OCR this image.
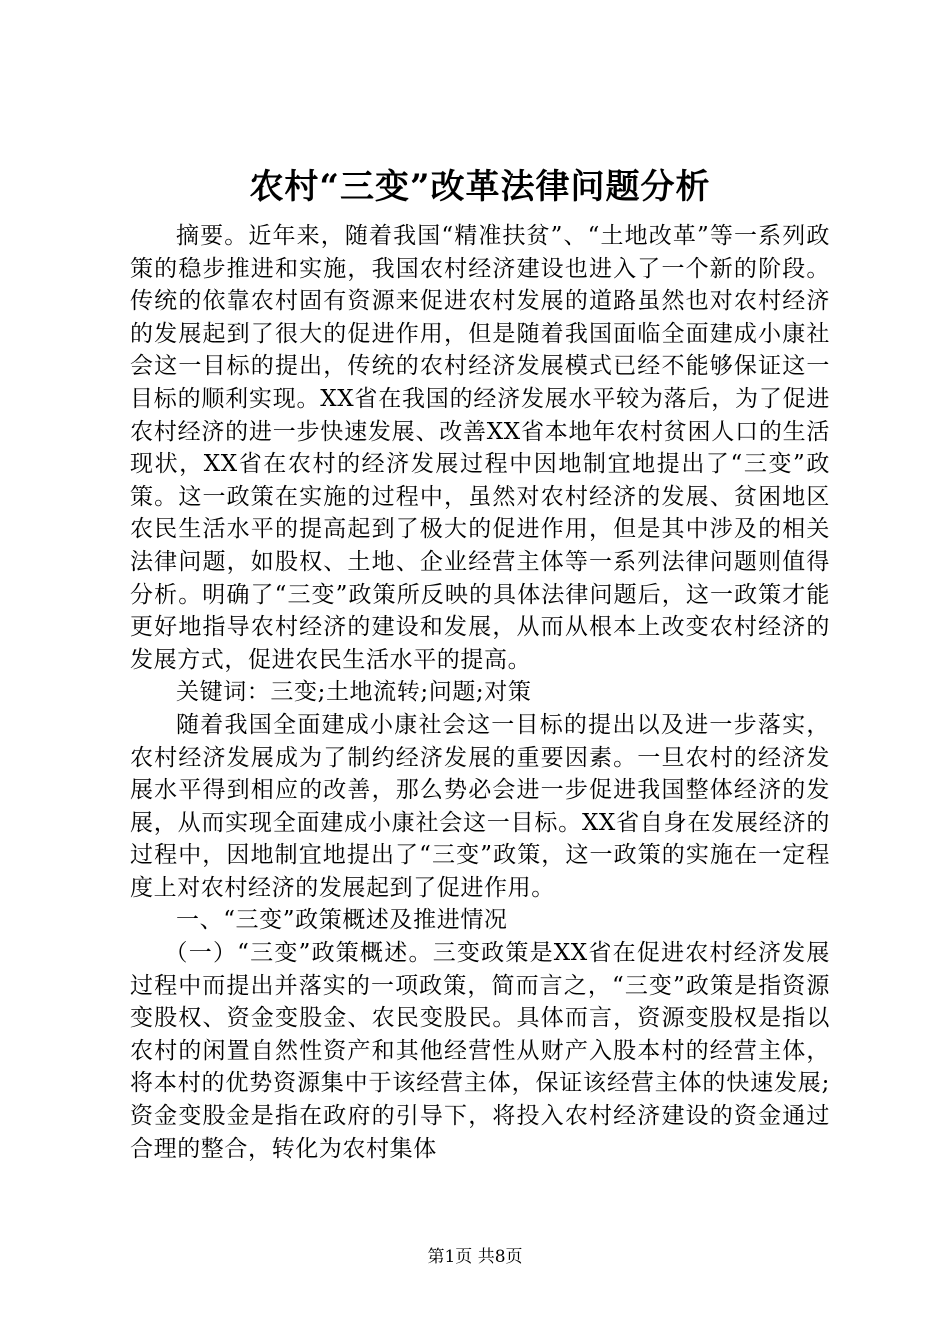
农村“三变”改革法律问题分析

摘要。近年来，随着我国“精准扶贫”、“土地改革”等一系列政策的稳步推进和实施，我国农村经济建设也进入了一个新的阶段。传统的依靠农村固有资源来促进农村发展的道路虽然也对农村经济的发展起到了很大的促进作用，但是随着我国面临全面建成小康社会这一目标的提出，传统的农村经济发展模式已经不能够保证这一目标的顺利实现。XX省在我国的经济发展水平较为落后，为了促进农村经济的进一步快速发展、改善XX省本地年农村贫困人口的生活现状，XX省在农村的经济发展过程中因地制宜地提出了“三变”政策。这一政策在实施的过程中，虽然对农村经济的发展、贫困地区农民生活水平的提高起到了极大的促进作用，但是其中涉及的相关法律问题，如股权、土地、企业经营主体等一系列法律问题则值得分析。明确了“三变”政策所反映的具体法律问题后，这一政策才能更好地指导农村经济的建设和发展，从而从根本上改变农村经济的发展方式，促进农民生活水平的提高。

关键词：三变;土地流转;问题;对策

随着我国全面建成小康社会这一目标的提出以及进一步落实，农村经济发展成为了制约经济发展的重要因素。一旦农村的经济发展水平得到相应的改善，那么势必会进一步促进我国整体经济的发展，从而实现全面建成小康社会这一目标。XX省自身在发展经济的过程中，因地制宜地提出了“三变”政策，这一政策的实施在一定程度上对农村经济的发展起到了促进作用。

一、“三变”政策概述及推进情况

（一）“三变”政策概述。三变政策是XX省在促进农村经济发展过程中而提出并落实的一项政策，简而言之，“三变”政策是指资源变股权、资金变股金、农民变股民。具体而言，资源变股权是指以农村的闲置自然性资产和其他经营性从财产入股本村的经营主体，将本村的优势资源集中于该经营主体，保证该经营主体的快速发展;资金变股金是指在政府的引导下，将投入农村经济建设的资金通过合理的整合，转化为农村集体

第1页 共8页
